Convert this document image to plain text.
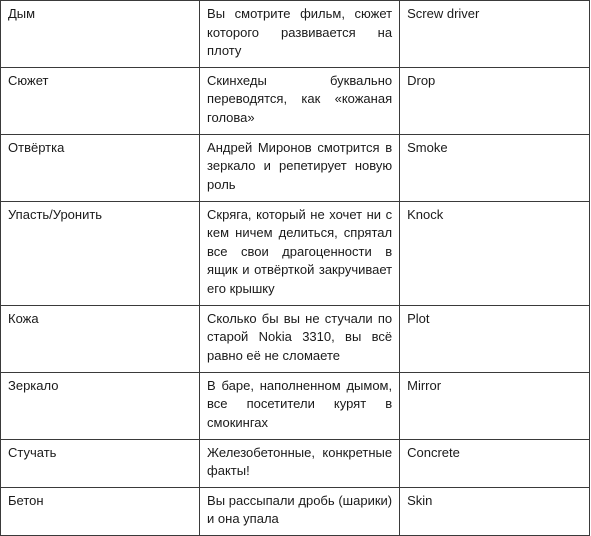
Дым	Вы смотрите фильм, сюжет которого развивается на плоту	Screw driver
Сюжет	Скинхеды буквально переводятся, как «кожаная голова»	Drop
Отвёртка	Андрей Миронов смотрится в зеркало и репетирует новую роль	Smoke
Упасть/Уронить	Скряга, который не хочет ни с кем ничем делиться, спрятал все свои драгоценности в ящик и отвёрткой закручивает его крышку	Knock
Кожа	Сколько бы вы не стучали по старой Nokia 3310, вы всё равно её не сломаете	Plot
Зеркало	В баре, наполненном дымом, все посетители курят в смокингах	Mirror
Стучать	Железобетонные, конкретные факты!	Concrete
Бетон	Вы рассыпали дробь (шарики) и она упала	Skin
